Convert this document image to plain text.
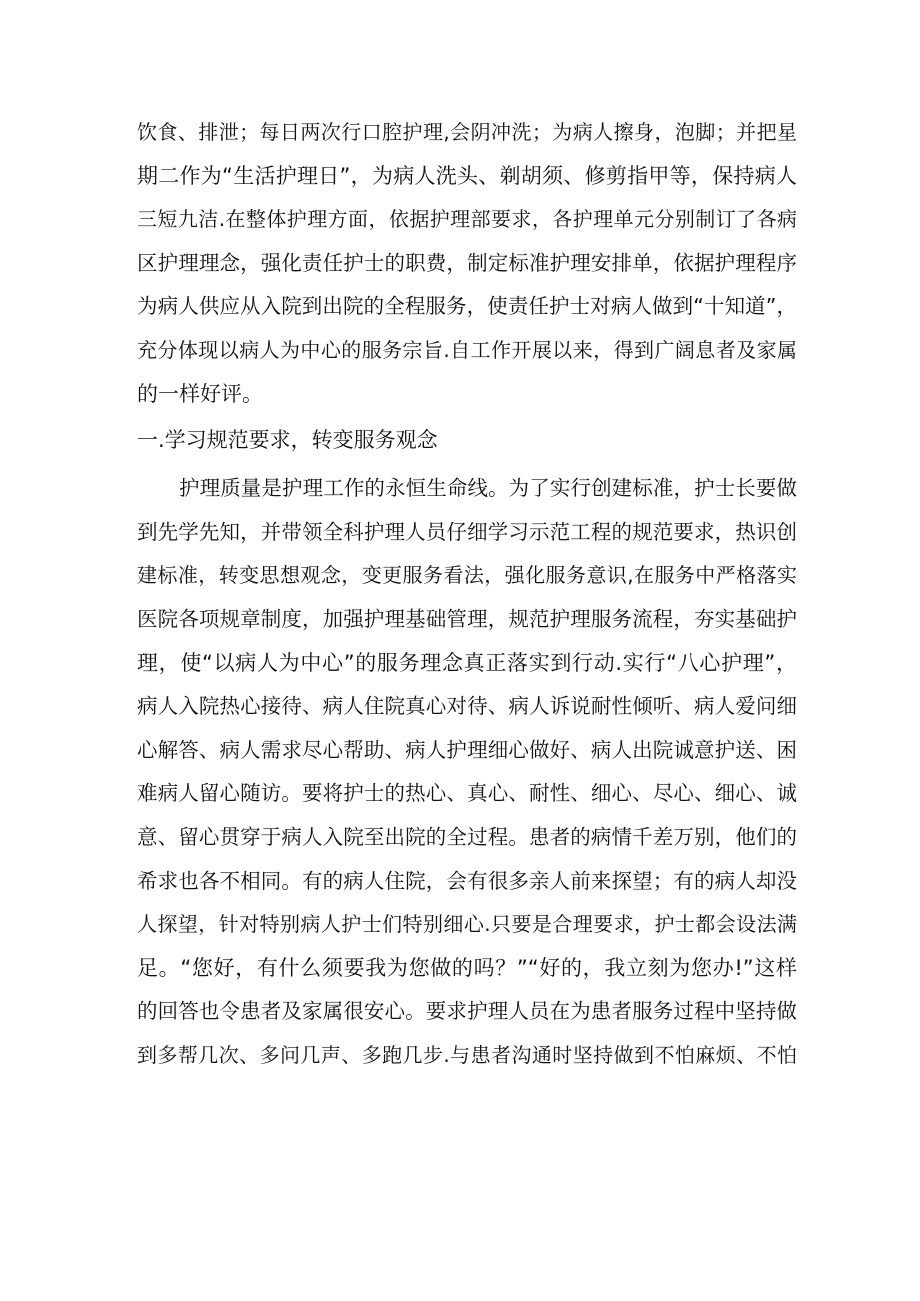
饮食、排泄；每日两次行口腔护理,会阴冲洗；为病人擦身，泡脚；并把星
期二作为“生活护理日”，为病人洗头、剃胡须、修剪指甲等，保持病人
三短九洁.在整体护理方面，依据护理部要求，各护理单元分别制订了各病
区护理理念，强化责任护士的职费，制定标准护理安排单，依据护理程序
为病人供应从入院到出院的全程服务，使责任护士对病人做到“十知道”，
充分体现以病人为中心的服务宗旨.自工作开展以来，得到广阔息者及家属
的一样好评。
一.学习规范要求，转变服务观念
护理质量是护理工作的永恒生命线。为了实行创建标准，护士长要做
到先学先知，并带领全科护理人员仔细学习示范工程的规范要求，热识创
建标准，转变思想观念，变更服务看法，强化服务意识,在服务中严格落实
医院各项规章制度，加强护理基础管理，规范护理服务流程，夯实基础护
理，使“以病人为中心”的服务理念真正落实到行动.实行“八心护理”，
病人入院热心接待、病人住院真心对待、病人诉说耐性倾听、病人爱问细
心解答、病人需求尽心帮助、病人护理细心做好、病人出院诚意护送、困
难病人留心随访。要将护士的热心、真心、耐性、细心、尽心、细心、诚
意、留心贯穿于病人入院至出院的全过程。患者的病情千差万别，他们的
希求也各不相同。有的病人住院，会有很多亲人前来探望；有的病人却没
人探望，针对特别病人护士们特别细心.只要是合理要求，护士都会设法满
足。“您好，有什么须要我为您做的吗？”“好的，我立刻为您办!”这样
的回答也令患者及家属很安心。要求护理人员在为患者服务过程中坚持做
到多帮几次、多问几声、多跑几步.与患者沟通时坚持做到不怕麻烦、不怕
